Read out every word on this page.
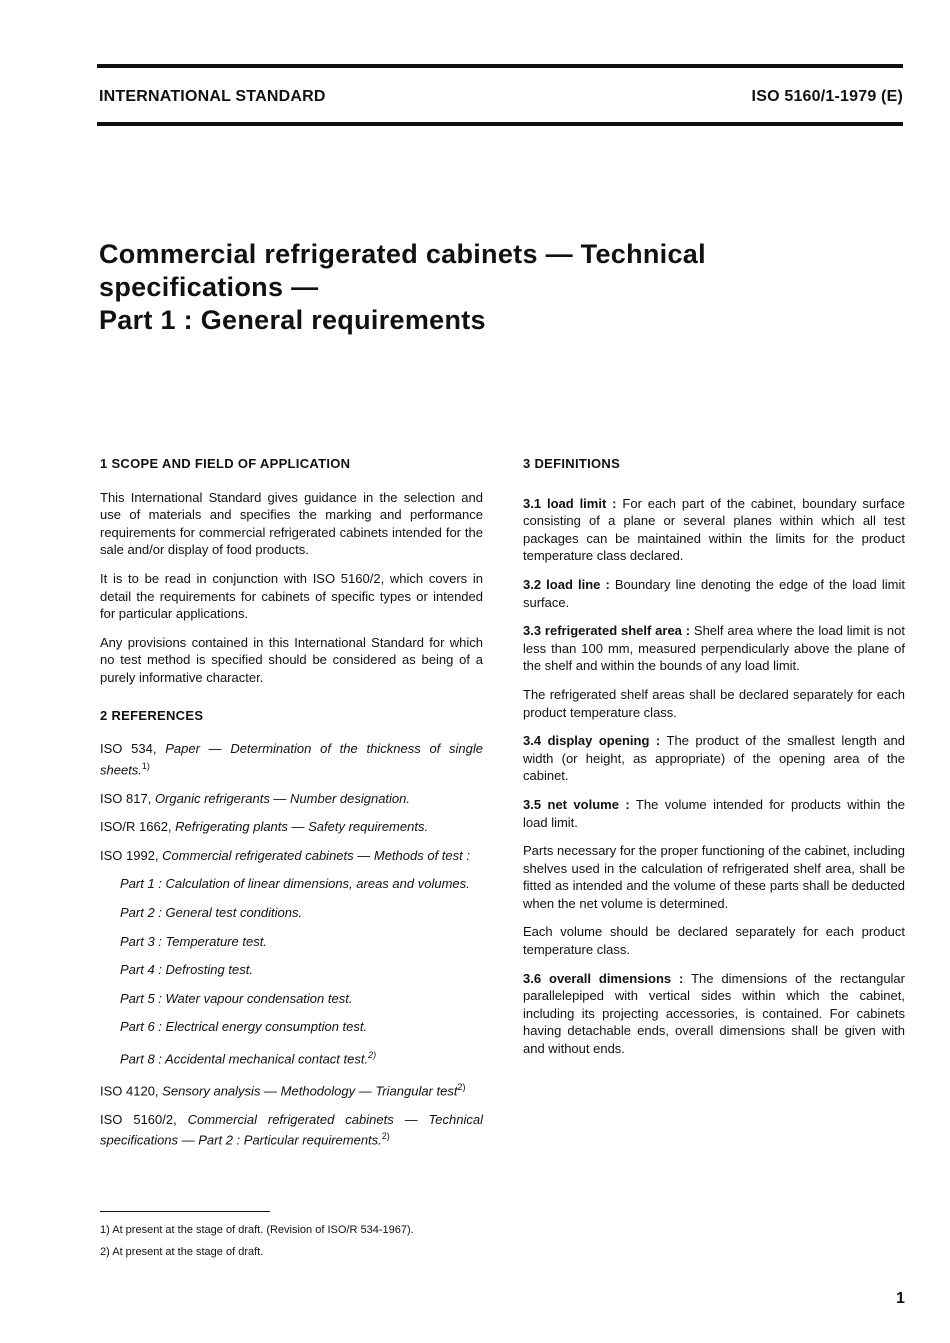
INTERNATIONAL STANDARD	ISO 5160/1-1979 (E)
Commercial refrigerated cabinets — Technical
specifications —
Part 1 : General requirements
1 SCOPE AND FIELD OF APPLICATION

This International Standard gives guidance in the selection and use of materials and specifies the marking and performance requirements for commercial refrigerated cabinets intended for the sale and/or display of food products.

It is to be read in conjunction with ISO 5160/2, which covers in detail the requirements for cabinets of specific types or intended for particular applications.

Any provisions contained in this International Standard for which no test method is specified should be considered as being of a purely informative character.

2 REFERENCES

ISO 534, Paper — Determination of the thickness of single sheets.$^{1)}$

ISO 817, Organic refrigerants — Number designation.

ISO/R 1662, Refrigerating plants — Safety requirements.

ISO 1992, Commercial refrigerated cabinets — Methods of test :

Part 1 : Calculation of linear dimensions, areas and volumes.

Part 2 : General test conditions.

Part 3 : Temperature test.

Part 4 : Defrosting test.

Part 5 : Water vapour condensation test.

Part 6 : Electrical energy consumption test.

Part 8 : Accidental mechanical contact test.$^{2)}$

ISO 4120, Sensory analysis — Methodology — Triangular test$^{2)}$

ISO 5160/2, Commercial refrigerated cabinets — Technical specifications — Part 2 : Particular requirements.$^{2)}$

3 DEFINITIONS

3.1 load limit : For each part of the cabinet, boundary surface consisting of a plane or several planes within which all test packages can be maintained within the limits for the product temperature class declared.

3.2 load line : Boundary line denoting the edge of the load limit surface.

3.3 refrigerated shelf area : Shelf area where the load limit is not less than 100 mm, measured perpendicularly above the plane of the shelf and within the bounds of any load limit.

The refrigerated shelf areas shall be declared separately for each product temperature class.

3.4 display opening : The product of the smallest length and width (or height, as appropriate) of the opening area of the cabinet.

3.5 net volume : The volume intended for products within the load limit.

Parts necessary for the proper functioning of the cabinet, including shelves used in the calculation of refrigerated shelf area, shall be fitted as intended and the volume of these parts shall be deducted when the net volume is determined.

Each volume should be declared separately for each product temperature class.

3.6 overall dimensions : The dimensions of the rectangular parallelepiped with vertical sides within which the cabinet, including its projecting accessories, is contained. For cabinets having detachable ends, overall dimensions shall be given with and without ends.

1) At present at the stage of draft. (Revision of ISO/R 534-1967).
2) At present at the stage of draft.
1
